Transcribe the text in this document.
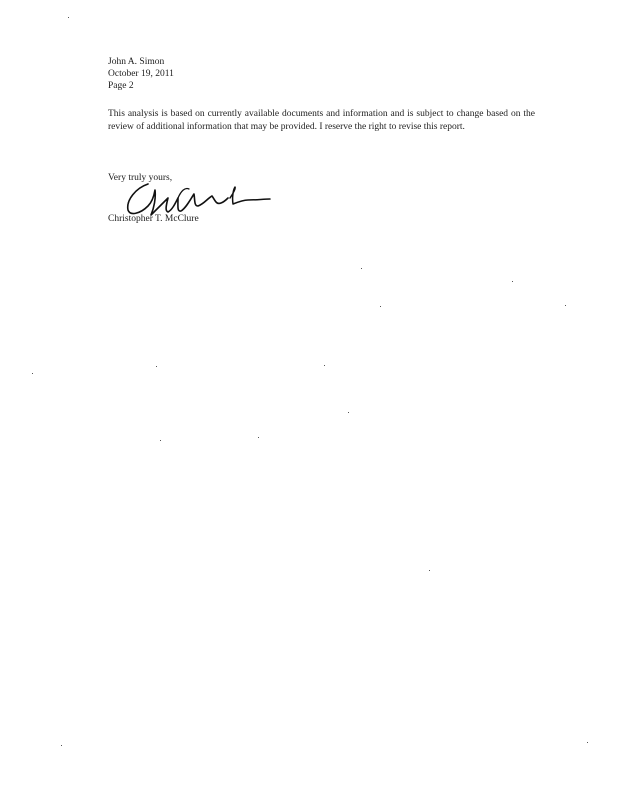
John A. Simon
October 19, 2011
Page 2
This analysis is based on currently available documents and information and is subject to change based on the review of additional information that may be provided. I reserve the right to revise this report.
Very truly yours,
Christopher T. McClure
